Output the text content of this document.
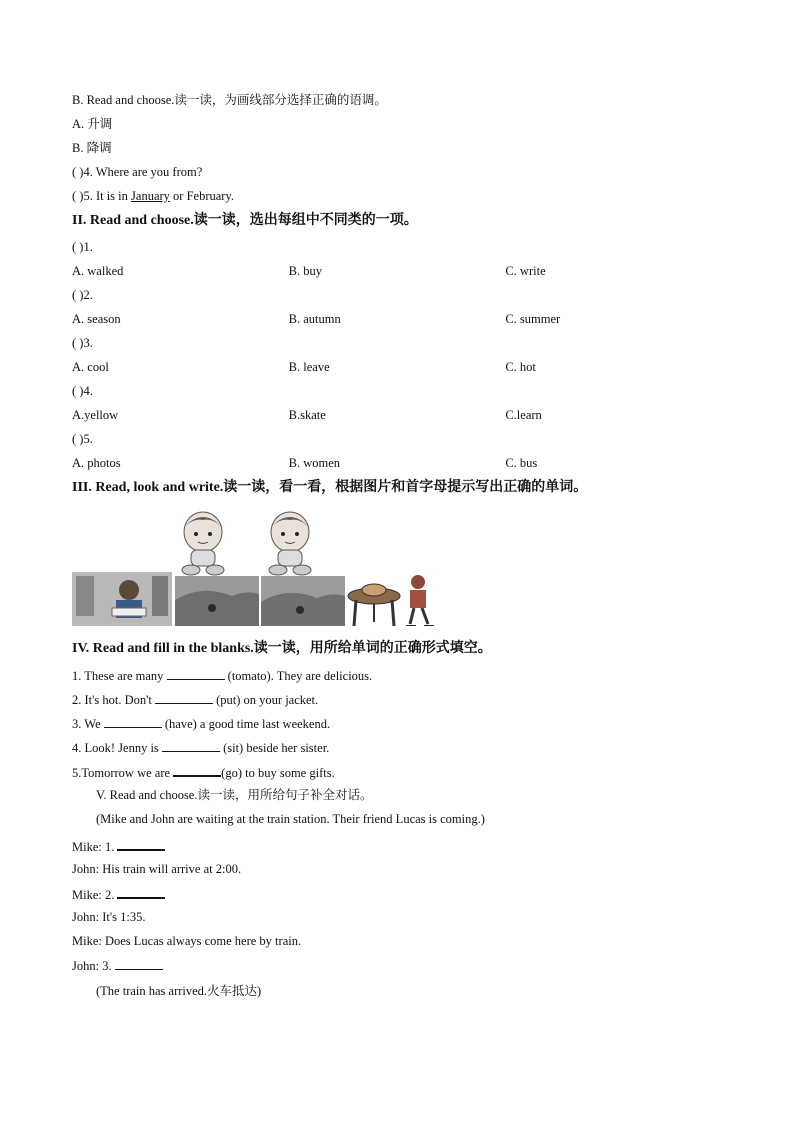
B. Read and choose.读一读，为画线部分选择正确的语调。
A. 升调
B. 降调
( )4. Where are you from?
( )5. It is in January or February.
II. Read and choose.读一读，选出每组中不同类的一项。
( )1.
A. walked	B. buy	C. write
( )2.
A. season	B. autumn	C. summer
( )3.
A. cool	B. leave	C. hot
( )4.
A.yellow	B.skate	C.learn
( )5.
A. photos	B. women	C. bus
III. Read, look and write.读一读，看一看，根据图片和首字母提示写出正确的单词。
IV. Read and fill in the blanks.读一读，用所给单词的正确形式填空。
1. These are many	(tomato). They are delicious.
2. It's hot. Don't	(put) on your jacket.
3. We	(have) a good time last weekend.
4. Look! Jenny is	(sit) beside her sister.
5.Tomorrow we are	(go) to buy some gifts.
V. Read and choose.读一读，用所给句子补全对话。
(Mike and John are waiting at the train station. Their friend Lucas is coming.)
Mike: 1.
John: His train will arrive at 2:00.
Mike: 2.
John: It's 1:35.
Mike: Does Lucas always come here by train.
John: 3.
(The train has arrived.火车抵达)
